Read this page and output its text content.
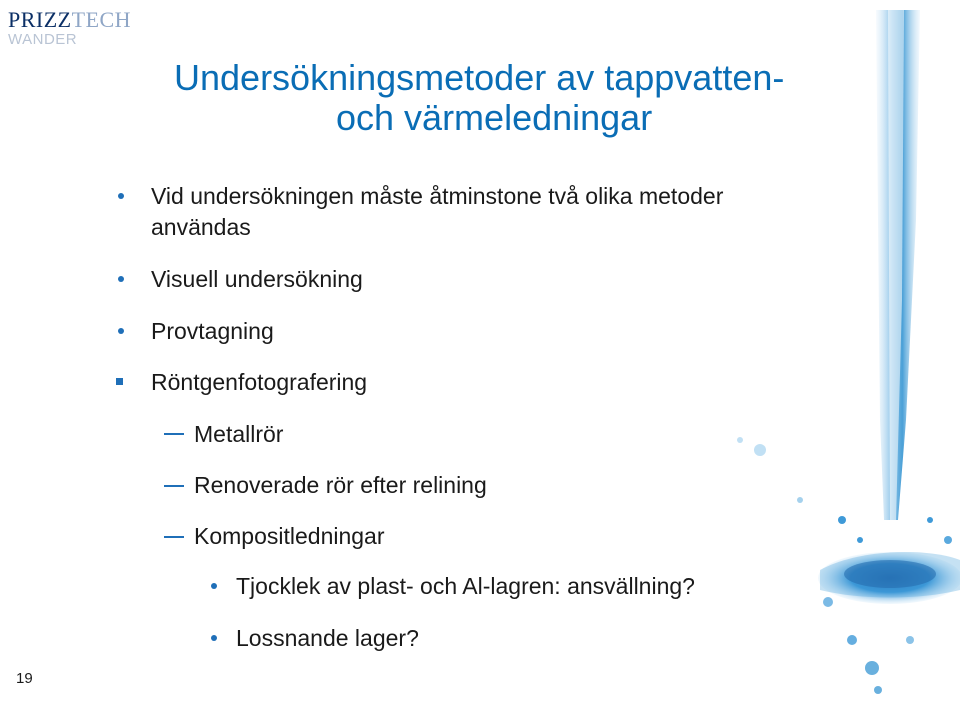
PRIZZTECH
WANDER
Undersökningsmetoder av tappvatten-
och värmeledningar
Vid undersökningen måste åtminstone två olika metoder
användas
Visuell undersökning
Provtagning
Röntgenfotografering
Metallrör
Renoverade rör efter relining
Kompositledningar
Tjocklek av plast- och Al-lagren: ansvällning?
Lossnande lager?
19
